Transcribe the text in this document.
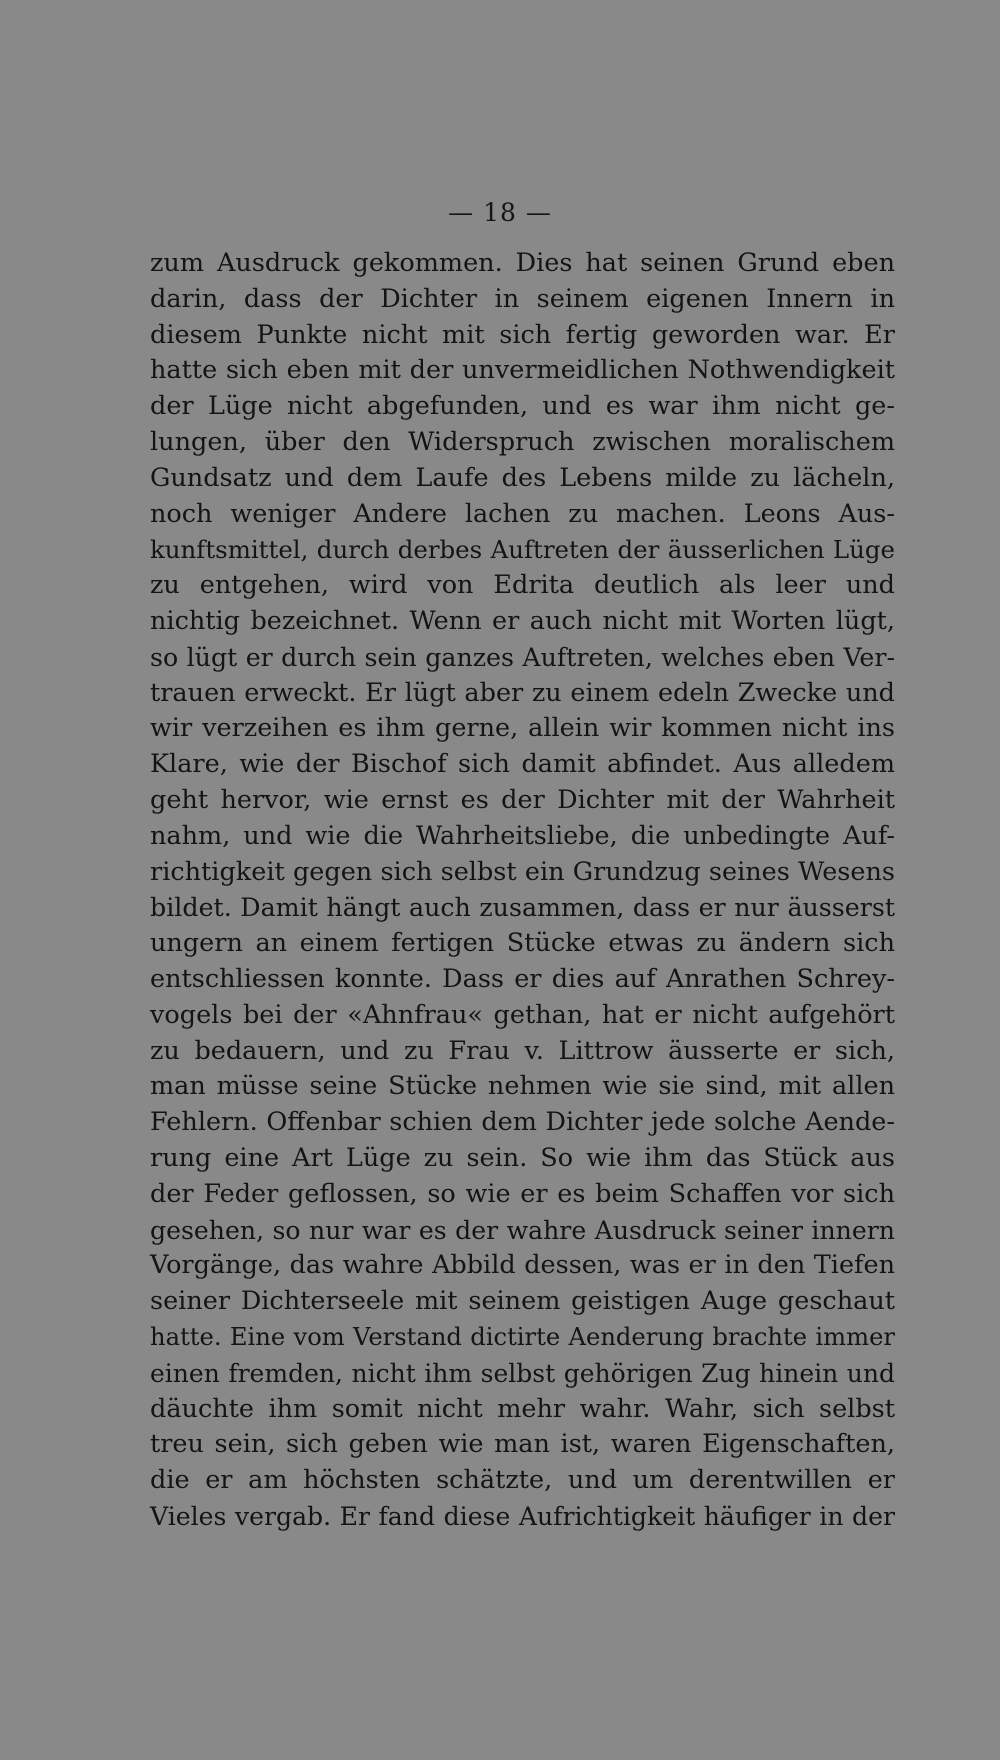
— 18 —
zum Ausdruck gekommen. Dies hat seinen Grund eben
darin, dass der Dichter in seinem eigenen Innern in
diesem Punkte nicht mit sich fertig geworden war. Er
hatte sich eben mit der unvermeidlichen Nothwendigkeit
der Lüge nicht abgefunden, und es war ihm nicht ge-
lungen, über den Widerspruch zwischen moralischem
Gundsatz und dem Laufe des Lebens milde zu lächeln,
noch weniger Andere lachen zu machen. Leons Aus-
kunftsmittel, durch derbes Auftreten der äusserlichen Lüge
zu entgehen, wird von Edrita deutlich als leer und
nichtig bezeichnet. Wenn er auch nicht mit Worten lügt,
so lügt er durch sein ganzes Auftreten, welches eben Ver-
trauen erweckt. Er lügt aber zu einem edeln Zwecke und
wir verzeihen es ihm gerne, allein wir kommen nicht ins
Klare, wie der Bischof sich damit abfindet. Aus alledem
geht hervor, wie ernst es der Dichter mit der Wahrheit
nahm, und wie die Wahrheitsliebe, die unbedingte Auf-
richtigkeit gegen sich selbst ein Grundzug seines Wesens
bildet. Damit hängt auch zusammen, dass er nur äusserst
ungern an einem fertigen Stücke etwas zu ändern sich
entschliessen konnte. Dass er dies auf Anrathen Schrey-
vogels bei der «Ahnfrau« gethan, hat er nicht aufgehört
zu bedauern, und zu Frau v. Littrow äusserte er sich,
man müsse seine Stücke nehmen wie sie sind, mit allen
Fehlern. Offenbar schien dem Dichter jede solche Aende-
rung eine Art Lüge zu sein. So wie ihm das Stück aus
der Feder geflossen, so wie er es beim Schaffen vor sich
gesehen, so nur war es der wahre Ausdruck seiner innern
Vorgänge, das wahre Abbild dessen, was er in den Tiefen
seiner Dichterseele mit seinem geistigen Auge geschaut
hatte. Eine vom Verstand dictirte Aenderung brachte immer
einen fremden, nicht ihm selbst gehörigen Zug hinein und
däuchte ihm somit nicht mehr wahr. Wahr, sich selbst
treu sein, sich geben wie man ist, waren Eigenschaften,
die er am höchsten schätzte, und um derentwillen er
Vieles vergab. Er fand diese Aufrichtigkeit häufiger in der
